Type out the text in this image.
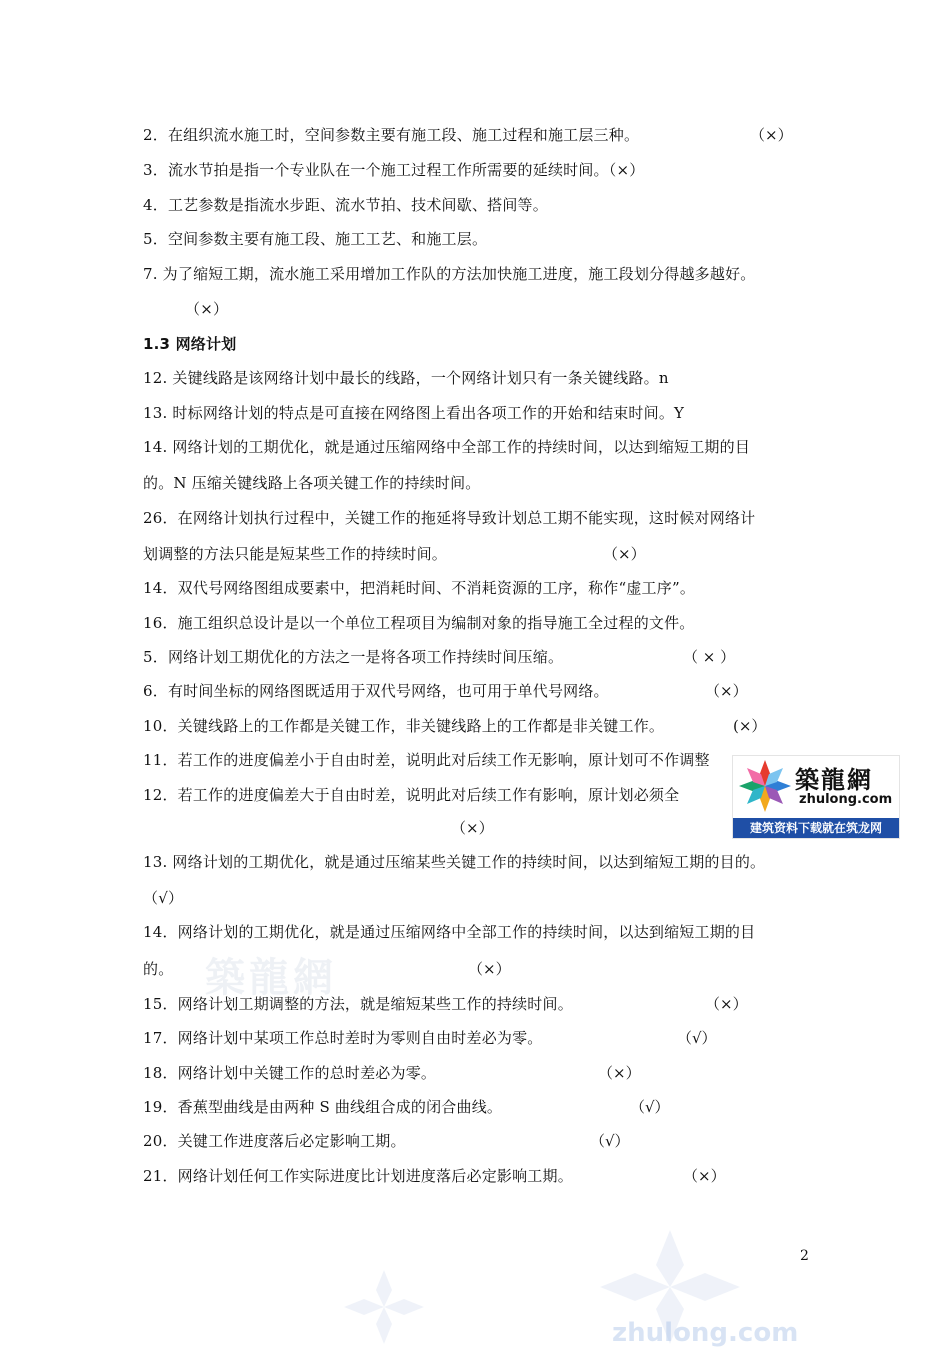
2．在组织流水施工时，空间参数主要有施工段、施工过程和施工层三种。	（×）
3．流水节拍是指一个专业队在一个施工过程工作所需要的延续时间。（×）
4．工艺参数是指流水步距、流水节拍、技术间歇、搭间等。
5．空间参数主要有施工段、施工工艺、和施工层。
7. 为了缩短工期，流水施工采用增加工作队的方法加快施工进度，施工段划分得越多越好。
（×）
1.3 网络计划
12. 关键线路是该网络计划中最长的线路，一个网络计划只有一条关键线路。n
13. 时标网络计划的特点是可直接在网络图上看出各项工作的开始和结束时间。Y
14. 网络计划的工期优化，就是通过压缩网络中全部工作的持续时间，以达到缩短工期的目
的。N 压缩关键线路上各项关键工作的持续时间。
26．在网络计划执行过程中，关键工作的拖延将导致计划总工期不能实现，这时候对网络计
划调整的方法只能是短某些工作的持续时间。	（×）
14．双代号网络图组成要素中，把消耗时间、不消耗资源的工序，称作“虚工序”。
16．施工组织总设计是以一个单位工程项目为编制对象的指导施工全过程的文件。
5．网络计划工期优化的方法之一是将各项工作持续时间压缩。	（ × ）
6．有时间坐标的网络图既适用于双代号网络，也可用于单代号网络。	（×）
10．关键线路上的工作都是关键工作，非关键线路上的工作都是非关键工作。	(×）
11．若工作的进度偏差小于自由时差，说明此对后续工作无影响，原计划可不作调整
12．若工作的进度偏差大于自由时差，说明此对后续工作有影响，原计划必须全
（×）
13. 网络计划的工期优化，就是通过压缩某些关键工作的持续时间，以达到缩短工期的目的。
（√）
14．网络计划的工期优化，就是通过压缩网络中全部工作的持续时间，以达到缩短工期的目
的。	（×）
15．网络计划工期调整的方法，就是缩短某些工作的持续时间。	（×）
17．网络计划中某项工作总时差时为零则自由时差必为零。	（√）
18．网络计划中关键工作的总时差必为零。	（×）
19．香蕉型曲线是由两种 S 曲线组合成的闭合曲线。	（√）
20．关键工作进度落后必定影响工期。	（√）
21．网络计划任何工作实际进度比计划进度落后必定影响工期。	（×）
築龍網
zhulong.com
2
築龍網
zhulong.com
建筑资料下载就在筑龙网
